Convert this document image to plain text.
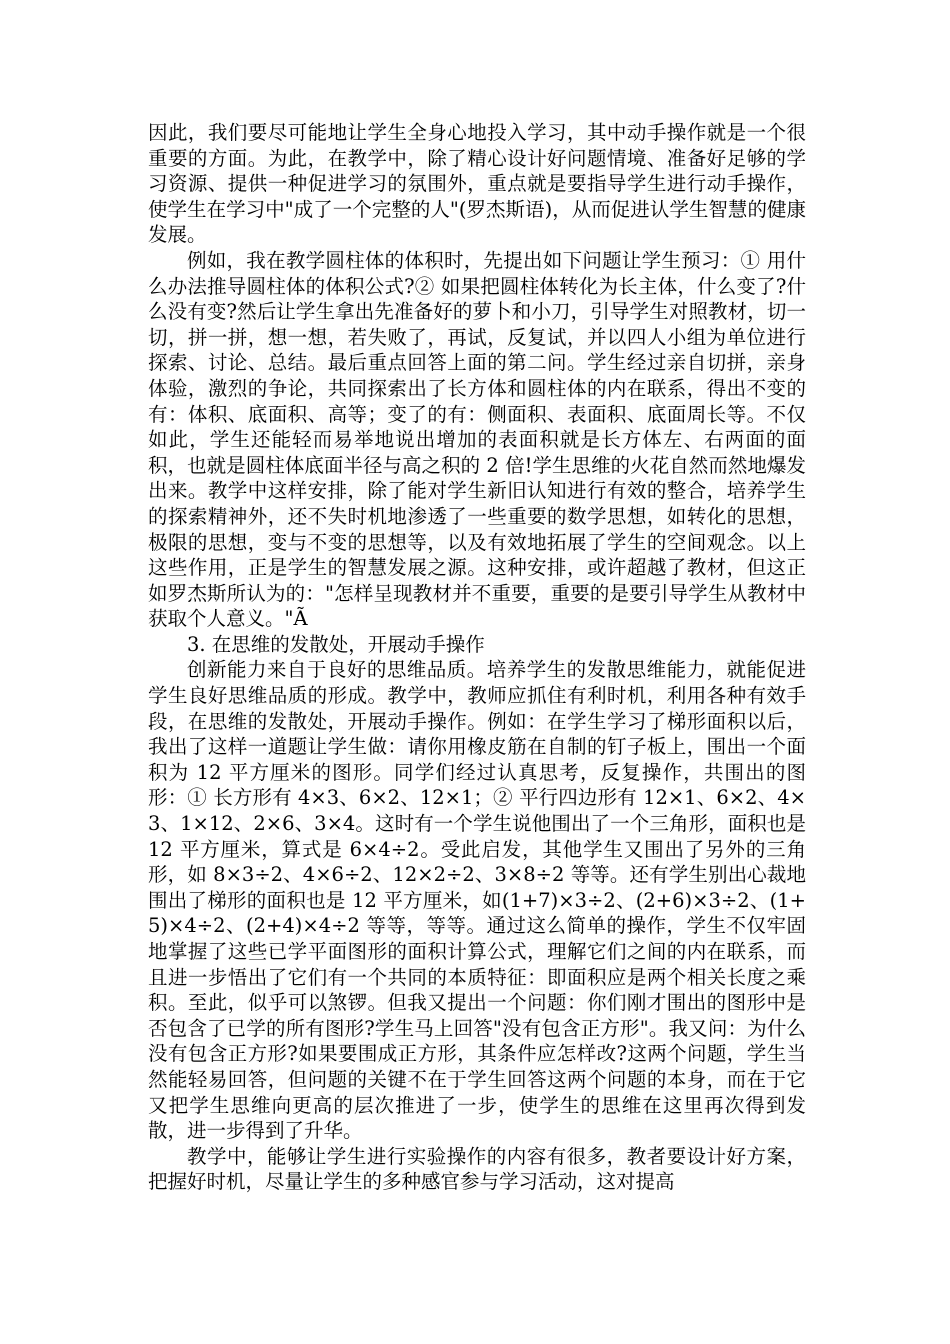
因此，我们要尽可能地让学生全身心地投入学习，其中动手操作就是一个很重要的方面。为此，在教学中，除了精心设计好问题情境、准备好足够的学习资源、提供一种促进学习的氛围外，重点就是要指导学生进行动手操作，使学生在学习中"成了一个完整的人"(罗杰斯语)，从而促进认学生智慧的健康发展。

例如，我在教学圆柱体的体积时，先提出如下问题让学生预习：① 用什么办法推导圆柱体的体积公式?② 如果把圆柱体转化为长主体，什么变了?什么没有变?然后让学生拿出先准备好的萝卜和小刀，引导学生对照教材，切一切，拼一拼，想一想，若失败了，再试，反复试，并以四人小组为单位进行探索、讨论、总结。最后重点回答上面的第二问。学生经过亲自切拼，亲身体验，激烈的争论，共同探索出了长方体和圆柱体的内在联系，得出不变的有：体积、底面积、高等；变了的有：侧面积、表面积、底面周长等。不仅如此，学生还能轻而易举地说出增加的表面积就是长方体左、右两面的面积，也就是圆柱体底面半径与高之积的 2 倍!学生思维的火花自然而然地爆发出来。教学中这样安排，除了能对学生新旧认知进行有效的整合，培养学生的探索精神外，还不失时机地渗透了一些重要的数学思想，如转化的思想，极限的思想，变与不变的思想等，以及有效地拓展了学生的空间观念。以上这些作用，正是学生的智慧发展之源。这种安排，或许超越了教材，但这正如罗杰斯所认为的："怎样呈现教材并不重要，重要的是要引导学生从教材中获取个人意义。"Ã

3. 在思维的发散处，开展动手操作

创新能力来自于良好的思维品质。培养学生的发散思维能力，就能促进学生良好思维品质的形成。教学中，教师应抓住有利时机，利用各种有效手段，在思维的发散处，开展动手操作。例如：在学生学习了梯形面积以后，我出了这样一道题让学生做：请你用橡皮筋在自制的钉子板上，围出一个面积为 12 平方厘米的图形。同学们经过认真思考，反复操作，共围出的图形：① 长方形有 4×3、6×2、12×1；② 平行四边形有 12×1、6×2、4×3、1×12、2×6、3×4。这时有一个学生说他围出了一个三角形，面积也是 12 平方厘米，算式是 6×4÷2。受此启发，其他学生又围出了另外的三角形，如 8×3÷2、4×6÷2、12×2÷2、3×8÷2 等等。还有学生别出心裁地围出了梯形的面积也是 12 平方厘米，如(1+7)×3÷2、(2+6)×3÷2、(1+5)×4÷2、(2+4)×4÷2 等等，等等。通过这么简单的操作，学生不仅牢固地掌握了这些已学平面图形的面积计算公式，理解它们之间的内在联系，而且进一步悟出了它们有一个共同的本质特征：即面积应是两个相关长度之乘积。至此，似乎可以煞锣。但我又提出一个问题：你们刚才围出的图形中是否包含了已学的所有图形?学生马上回答"没有包含正方形"。我又问：为什么没有包含正方形?如果要围成正方形，其条件应怎样改?这两个问题，学生当然能轻易回答，但问题的关键不在于学生回答这两个问题的本身，而在于它又把学生思维向更高的层次推进了一步，使学生的思维在这里再次得到发散，进一步得到了升华。

教学中，能够让学生进行实验操作的内容有很多，教者要设计好方案，把握好时机，尽量让学生的多种感官参与学习活动，这对提高
